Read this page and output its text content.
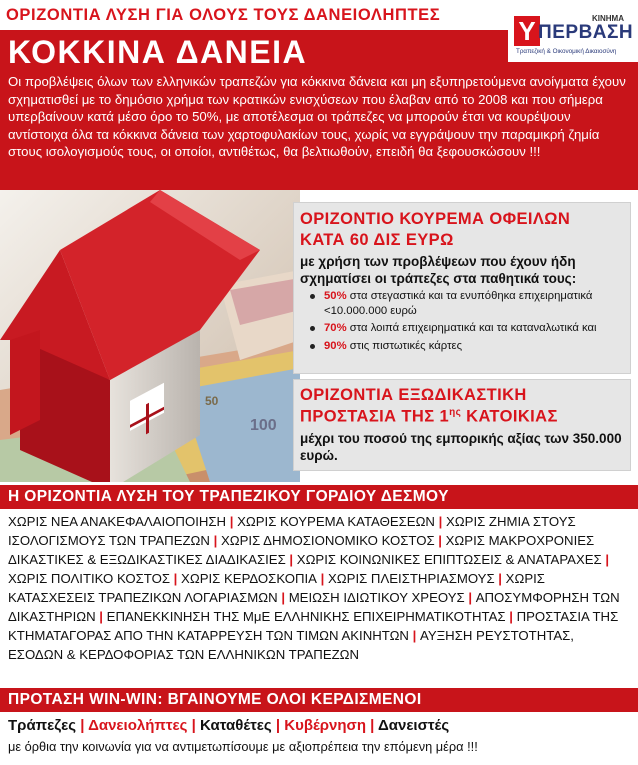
ΟΡΙΖΟΝΤΙΑ ΛΥΣΗ ΓΙΑ ΟΛΟΥΣ ΤΟΥΣ ΔΑΝΕΙΟΛΗΠΤΕΣ
ΚΟΚΚΙΝΑ ΔΑΝΕΙΑ
Οι προβλέψεις όλων των ελληνικών τραπεζών για κόκκινα δάνεια και μη εξυπηρετούμενα ανοίγματα έχουν σχηματισθεί με το δημόσιο χρήμα των κρατικών ενισχύσεων που έλαβαν από το 2008 και που σήμερα υπερβαίνουν κατά μέσο όρο το 50%, με αποτέλεσμα οι τράπεζες να μπορούν έτσι να κουρέψουν αντίστοιχα όλα τα κόκκινα δάνεια των χαρτοφυλακίων τους, χωρίς να εγγράψουν την παραμικρή ζημία στους ισολογισμούς τους, οι οποίοι, αντιθέτως, θα βελτιωθούν, επειδή θα ξεφουσκώσουν !!!
ΚΙΝΗΜΑ
Υ ΠΕΡΒΑΣΗ
Τραπεζική & Οικονομική Δικαιοσύνη
100
50
ΟΡΙΖΟΝΤΙΟ ΚΟΥΡΕΜΑ ΟΦΕΙΛΩΝ
ΚΑΤΑ 60 ΔΙΣ ΕΥΡΩ
με χρήση των προβλέψεων που έχουν ήδη σχηματίσει οι τράπεζες στα παθητικά τους:
50% στα στεγαστικά και τα ενυπόθηκα επιχειρηματικά <10.000.000 ευρώ
70% στα λοιπά επιχειρηματικά και τα καταναλωτικά και
90% στις πιστωτικές κάρτες
ΟΡΙΖΟΝΤΙΑ ΕΞΩΔΙΚΑΣΤΙΚΗ
ΠΡΟΣΤΑΣΙΑ ΤΗΣ $1^{\eta\varsigma}$ ΚΑΤΟΙΚΙΑΣ
μέχρι του ποσού της εμπορικής αξίας των 350.000 ευρώ.
Η ΟΡΙΖΟΝΤΙΑ ΛΥΣΗ ΤΟΥ ΤΡΑΠΕΖΙΚΟΥ ΓΟΡΔΙΟΥ ΔΕΣΜΟΥ
ΧΩΡΙΣ ΝΕΑ ΑΝΑΚΕΦΑΛΑΙΟΠΟΙΗΣΗ | ΧΩΡΙΣ ΚΟΥΡΕΜΑ ΚΑΤΑΘΕΣΕΩΝ | ΧΩΡΙΣ ΖΗΜΙΑ ΣΤΟΥΣ ΙΣΟΛΟΓΙΣΜΟΥΣ ΤΩΝ ΤΡΑΠΕΖΩΝ | ΧΩΡΙΣ ΔΗΜΟΣΙΟΝΟΜΙΚΟ ΚΟΣΤΟΣ | ΧΩΡΙΣ ΜΑΚΡΟΧΡΟΝΙΕΣ ΔΙΚΑΣΤΙΚΕΣ & ΕΞΩΔΙΚΑΣΤΙΚΕΣ ΔΙΑΔΙΚΑΣΙΕΣ | ΧΩΡΙΣ ΚΟΙΝΩΝΙΚΕΣ ΕΠΙΠΤΩΣΕΙΣ & ΑΝΑΤΑΡΑΧΕΣ | ΧΩΡΙΣ ΠΟΛΙΤΙΚΟ ΚΟΣΤΟΣ | ΧΩΡΙΣ ΚΕΡΔΟΣΚΟΠΙΑ | ΧΩΡΙΣ ΠΛΕΙΣΤΗΡΙΑΣΜΟΥΣ | ΧΩΡΙΣ ΚΑΤΑΣΧΕΣΕΙΣ ΤΡΑΠΕΖΙΚΩΝ ΛΟΓΑΡΙΑΣΜΩΝ | ΜΕΙΩΣΗ ΙΔΙΩΤΙΚΟΥ ΧΡΕΟΥΣ | ΑΠΟΣΥΜΦΟΡΗΣΗ ΤΩΝ ΔΙΚΑΣΤΗΡΙΩΝ | ΕΠΑΝΕΚΚΙΝΗΣΗ ΤΗΣ ΜμΕ ΕΛΛΗΝΙΚΗΣ ΕΠΙΧΕΙΡΗΜΑΤΙΚΟΤΗΤΑΣ | ΠΡΟΣΤΑΣΙΑ ΤΗΣ ΚΤΗΜΑΤΑΓΟΡΑΣ ΑΠΟ ΤΗΝ ΚΑΤΑΡΡΕΥΣΗ ΤΩΝ ΤΙΜΩΝ ΑΚΙΝΗΤΩΝ | ΑΥΞΗΣΗ ΡΕΥΣΤΟΤΗΤΑΣ, ΕΣΟΔΩΝ & ΚΕΡΔΟΦΟΡΙΑΣ ΤΩΝ ΕΛΛΗΝΙΚΩΝ ΤΡΑΠΕΖΩΝ
ΠΡΟΤΑΣΗ WIN-WIN: ΒΓΑΙΝΟΥΜΕ ΟΛΟΙ ΚΕΡΔΙΣΜΕΝΟΙ
Τράπεζες | Δανειολήπτες | Καταθέτες | Κυβέρνηση | Δανειστές
με όρθια την κοινωνία για να αντιμετωπίσουμε με αξιοπρέπεια την επόμενη μέρα !!!
